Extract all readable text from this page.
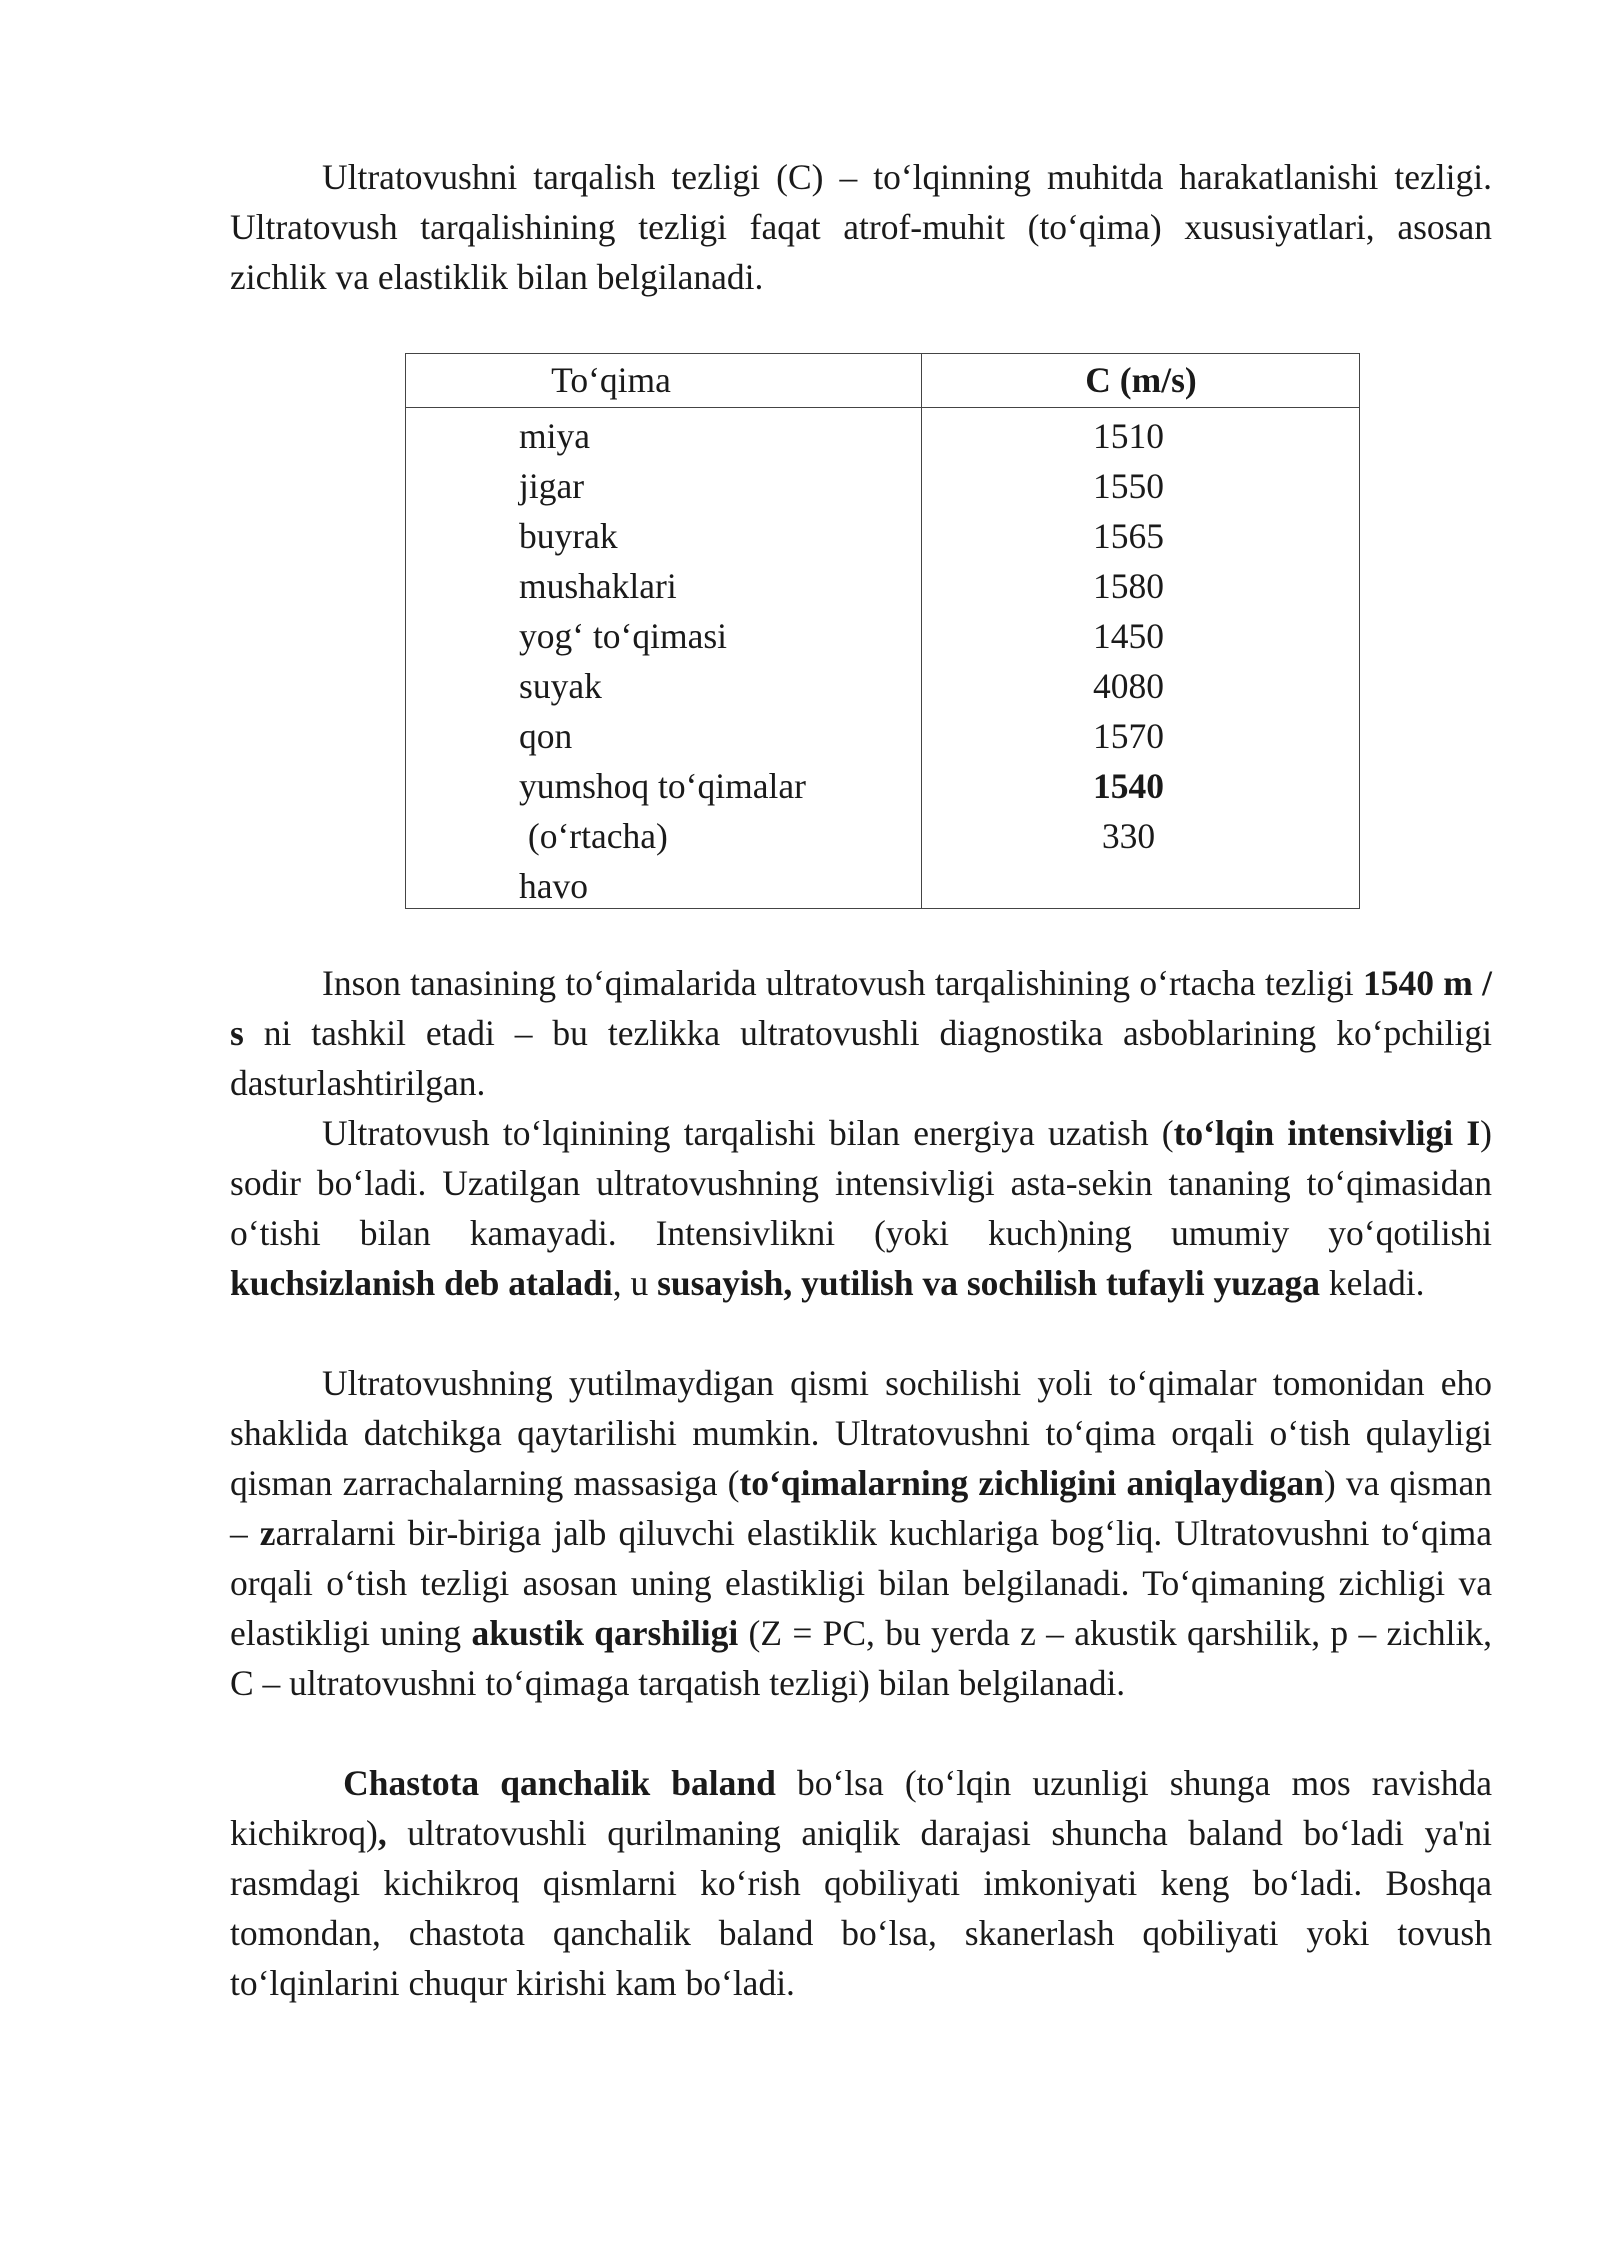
Ultratovushni tarqalish tezligi (C) – to‘lqinning muhitda harakatlanishi tezligi. Ultratovush tarqalishining tezligi faqat atrof-muhit (to‘qima) xususiyatlari, asosan zichlik va elastiklik bilan belgilanadi.

To‘qima	C (m/s)
miya
jigar
buyrak
mushaklari
yog‘ to‘qimasi
suyak
qon
yumshoq to‘qimalar
(o‘rtacha)
havo
1510
1550
1565
1580
1450
4080
1570
1540
330

Inson tanasining to‘qimalarida ultratovush tarqalishining o‘rtacha tezligi 1540 m / s ni tashkil etadi – bu tezlikka ultratovushli diagnostika asboblarining ko‘pchiligi dasturlashtirilgan.

Ultratovush to‘lqinining tarqalishi bilan energiya uzatish (to‘lqin intensivligi I) sodir bo‘ladi. Uzatilgan ultratovushning intensivligi asta-sekin tananing to‘qimasidan o‘tishi bilan kamayadi. Intensivlikni (yoki kuch)ning umumiy yo‘qotilishi kuchsizlanish deb ataladi, u susayish, yutilish va sochilish tufayli yuzaga keladi.

Ultratovushning yutilmaydigan qismi sochilishi yoli to‘qimalar tomonidan eho shaklida datchikga qaytarilishi mumkin. Ultratovushni to‘qima orqali o‘tish qulayligi qisman zarrachalarning massasiga (to‘qimalarning zichligini aniqlaydigan) va qisman – zarralarni bir-biriga jalb qiluvchi elastiklik kuchlariga bog‘liq. Ultratovushni to‘qima orqali o‘tish tezligi asosan uning elastikligi bilan belgilanadi. To‘qimaning zichligi va elastikligi uning akustik qarshiligi (Z = PC, bu yerda z – akustik qarshilik, p – zichlik, C – ultratovushni to‘qimaga tarqatish tezligi) bilan belgilanadi.

Chastota qanchalik baland bo‘lsa (to‘lqin uzunligi shunga mos ravishda kichikroq), ultratovushli qurilmaning aniqlik darajasi shuncha baland bo‘ladi ya'ni rasmdagi kichikroq qismlarni ko‘rish qobiliyati imkoniyati keng bo‘ladi. Boshqa tomondan, chastota qanchalik baland bo‘lsa, skanerlash qobiliyati yoki tovush to‘lqinlarini chuqur kirishi kam bo‘ladi.
